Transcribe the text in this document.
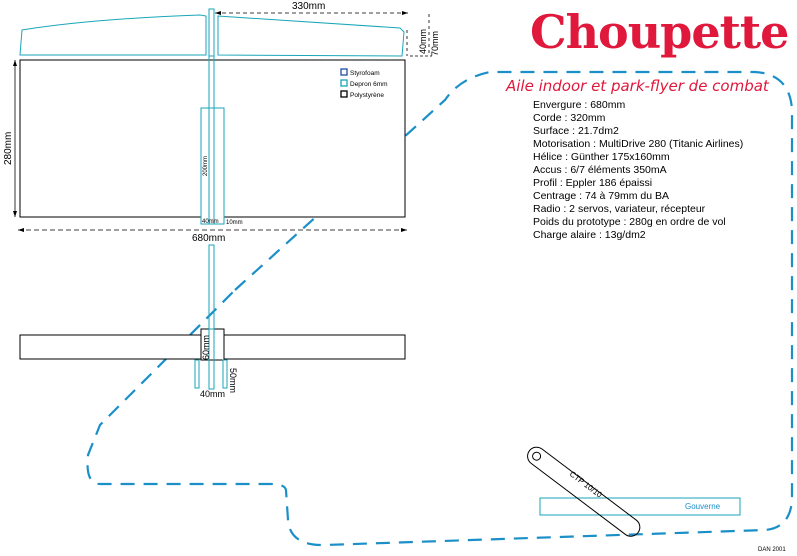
330mm
40mm 70mm
200mm
40mm 10mm
Styrofoam
Depron 6mm
Polystyrène
280mm
680mm
60mm
50mm
40mm
Gouverne
CTP 10/10
Choupette
Aile indoor et park-flyer de combat
Envergure : 680mm
Corde : 320mm
Surface : 21.7dm2
Motorisation : MultiDrive 280 (Titanic Airlines)
Hélice : Günther 175x160mm
Accus : 6/7 éléments 350mA
Profil : Eppler 186 épaissi
Centrage : 74 à 79mm du BA
Radio : 2 servos, variateur, récepteur
Poids du prototype : 280g en ordre de vol
Charge alaire : 13g/dm2
DAN 2001
